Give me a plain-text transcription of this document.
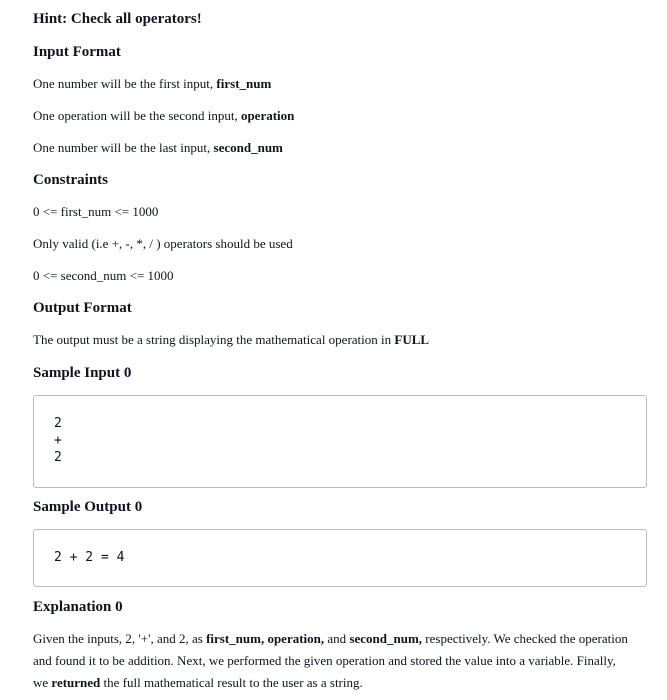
Hint: Check all operators!
Input Format
One number will be the first input, first_num
One operation will be the second input, operation
One number will be the last input, second_num
Constraints
0 <= first_num <= 1000
Only valid (i.e +, -, *, / ) operators should be used
0 <= second_num <= 1000
Output Format
The output must be a string displaying the mathematical operation in FULL
Sample Input 0
2
+
2
Sample Output 0
2 + 2 = 4
Explanation 0
Given the inputs, 2, '+', and 2, as first_num, operation, and second_num, respectively. We checked the operation and found it to be addition. Next, we performed the given operation and stored the value into a variable. Finally, we returned the full mathematical result to the user as a string.
